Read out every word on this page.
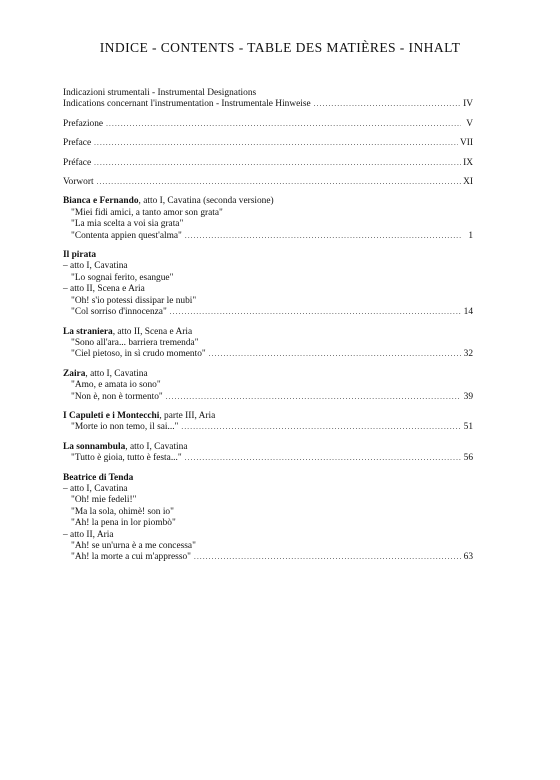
INDICE - CONTENTS - TABLE DES MATIÈRES - INHALT
Indicazioni strumentali - Instrumental Designations
Indications concernant l'instrumentation - Instrumentale Hinweise .....	IV
Prefazione .....	V
Preface .....	VII
Préface .....	IX
Vorwort .....	XI
Bianca e Fernando, atto I, Cavatina (seconda versione)
"Miei fidi amici, a tanto amor son grata"
"La mia scelta a voi sia grata"
"Contenta appien quest'alma" .....	1
Il pirata
– atto I, Cavatina
"Lo sognai ferito, esangue"
– atto II, Scena e Aria
"Oh! s'io potessi dissipar le nubi"
"Col sorriso d'innocenza" .....	14
La straniera, atto II, Scena e Aria
"Sono all'ara... barriera tremenda"
"Ciel pietoso, in sì crudo momento" .....	32
Zaira, atto I, Cavatina
"Amo, e amata io sono"
"Non è, non è tormento" .....	39
I Capuleti e i Montecchi, parte III, Aria
"Morte io non temo, il sai..." .....	51
La sonnambula, atto I, Cavatina
"Tutto è gioia, tutto è festa..." .....	56
Beatrice di Tenda
– atto I, Cavatina
"Oh! mie fedeli!"
"Ma la sola, ohimè! son io"
"Ah! la pena in lor piombò"
– atto II, Aria
"Ah! se un'urna è a me concessa"
"Ah! la morte a cui m'appresso" .....	63
